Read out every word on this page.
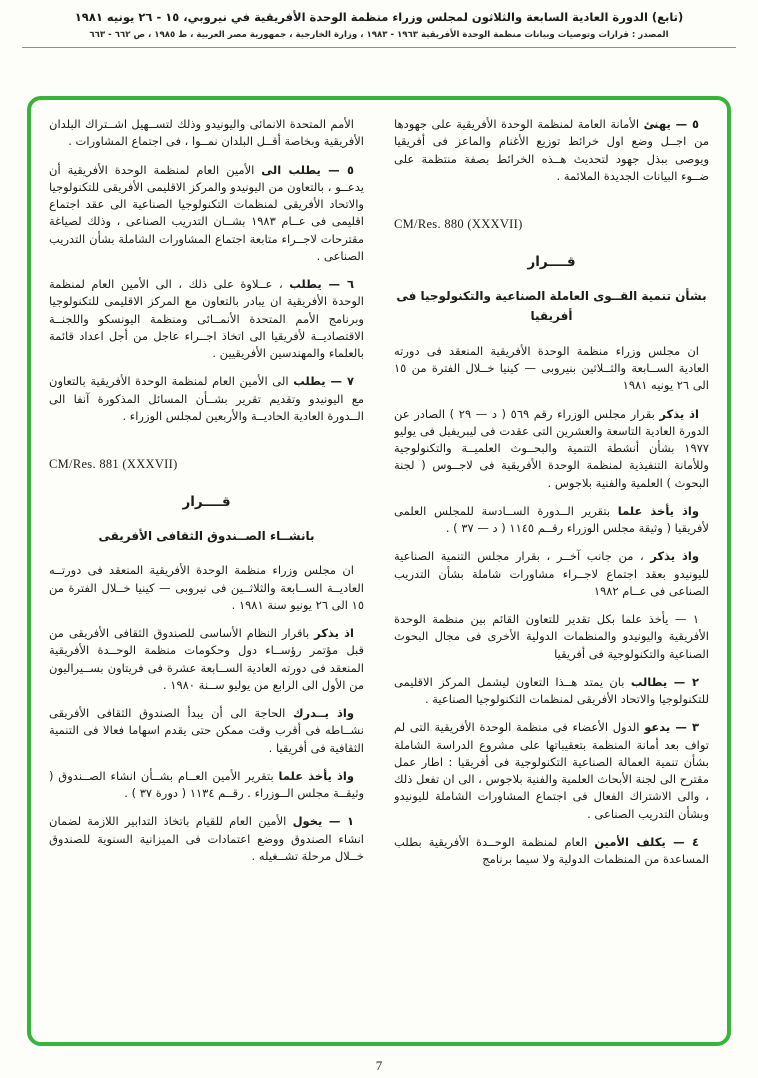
(تابع) الدورة العادية السابعة والثلاثون لمجلس وزراء منظمة الوحدة الأفريقية في نيروبي، ١٥ - ٢٦ يونيه ١٩٨١
المصدر : قرارات وتوصيات وبيانات منظمة الوحدة الأفريقية ١٩٦٣ - ١٩٨٣ ، وزارة الخارجية ، جمهورية مصر العربية ، ط ١٩٨٥ ، ص ٦٦٢ - ٦٦٣
٥ — يهنئ الأمانة العامة لمنظمة الوحدة الأفريقية على جهودها من اجــل وضع اول خرائط توزيع الأغنام والماعز فى أفريقيا ويوصى ببذل جهود لتحديث هــذه الخرائط بصفة منتظمة على ضــوء البيانات الجديدة الملائمة .
CM/Res. 880 (XXXVII)
قــــرار
بشأن تنمية القــوى العاملة الصناعية والتكنولوجيا فى أفريقيا
ان مجلس وزراء منظمة الوحدة الأفريقية المنعقد فى دورته العادية الســابعة والثــلاثين بنيروبى — كينيا خــلال الفترة من ١٥ الى ٢٦ يونيه ١٩٨١
اذ يذكر بقرار مجلس الوزراء رقم ٥٦٩ ( د — ٢٩ ) الصادر عن الدورة العادية التاسعة والعشرين التى عقدت فى ليبريفيل فى يوليو ١٩٧٧ بشأن أنشطة التنمية والبحــوث العلميــة والتكنولوجية وللأمانة التنفيذية لمنظمة الوحدة الأفريقية فى لاجــوس ( لجنة البحوث ) العلمية والفنية بلاجوس .
واذ يأخذ علما بتقرير الــدورة الســادسة للمجلس العلمى لأفريقيا ( وثيقة مجلس الوزراء رقــم ١١٤٥ ( د — ٣٧ ) .
واذ يذكر ، من جانب آخــر ، بقرار مجلس التنمية الصناعية لليونيدو بعقد اجتماع لاجــراء مشاورات شاملة بشأن التدريب الصناعى فى عــام ١٩٨٢
١ — يأخذ علما بكل تقدير للتعاون القائم بين منظمة الوحدة الأفريقية واليونيدو والمنظمات الدولية الأخرى فى مجال البحوث الصناعية والتكنولوجية فى أفريقيا
٢ — يطالب بان يمتد هــذا التعاون ليشمل المركز الاقليمى للتكنولوجيا والاتحاد الأفريقى لمنظمات التكنولوجيا الصناعية .
٣ — يدعو الدول الأعضاء فى منظمة الوحدة الأفريقية التى لم تواف بعد أمانة المنظمة بتعقيباتها على مشروع الدراسة الشاملة بشأن تنمية العمالة الصناعية التكنولوجية فى أفريقيا : اطار عمل مقترح الى لجنة الأبحاث العلمية والفنية بلاجوس ، الى ان تفعل ذلك ، والى الاشتراك الفعال فى اجتماع المشاورات الشاملة لليونيدو وبشأن التدريب الصناعى .
٤ — يكلف الأمين العام لمنظمة الوحــدة الأفريقية بطلب المساعدة من المنظمات الدولية ولا سيما برنامج
الأمم المتحدة الانمائى واليونيدو وذلك لتســهيل اشــتراك البلدان الأفريقية وبخاصة أقــل البلدان نمــوا ، فى اجتماع المشاورات .
٥ — يطلب الى الأمين العام لمنظمة الوحدة الأفريقية أن يدعــو ، بالتعاون من اليونيدو والمركز الاقليمى الأفريقى للتكنولوجيا والاتحاد الأفريقى لمنظمات التكنولوجيا الصناعية الى عقد اجتماع اقليمى فى عــام ١٩٨٣ بشــان التدريب الصناعى ، وذلك لصياغة مقترحات لاجــراء متابعة اجتماع المشاورات الشاملة بشأن التدريب الصناعى .
٦ — يطلب ، عــلاوة على ذلك ، الى الأمين العام لمنظمة الوحدة الأفريقية ان يبادر بالتعاون مع المركز الاقليمى للتكنولوجيا وبرنامج الأمم المتحدة الأنمــائى ومنظمة اليونسكو واللجنــة الاقتصاديــة لأفريقيا الى اتخاذ اجــراء عاجل من أجل اعداد قائمة بالعلماء والمهندسين الأفريقيين .
٧ — يطلب الى الأمين العام لمنظمة الوحدة الأفريقية بالتعاون مع اليونيدو وتقديم تقرير بشــأن المسائل المذكورة آنفا الى الــدورة العادية الحاديــة والأربعين لمجلس الوزراء .
CM/Res. 881 (XXXVII)
قــــرار
بانشــاء الصــندوق الثقافى الأفريقى
ان مجلس وزراء منظمة الوحدة الأفريقية المنعقد فى دورتــه العاديــة الســابعة والثلاثــين فى نيروبى — كينيا خــلال الفترة من ١٥ الى ٢٦ يونيو سنة ١٩٨١ .
اذ يذكر باقرار النظام الأساسى للصندوق الثقافى الأفريقى من قبل مؤتمر رؤســاء دول وحكومات منظمة الوحــدة الأفريقية المنعقد فى دورته العادية الســابعة عشرة فى فريتاون بســيراليون من الأول الى الرابع من يوليو ســنة ١٩٨٠ .
واذ يــدرك الحاجة الى أن يبدأ الصندوق الثقافى الأفريقى نشــاطه فى أقرب وقت ممكن حتى يقدم اسهاما فعالا فى التنمية الثقافية فى أفريقيا .
واذ يأخذ علما بتقرير الأمين العــام بشــأن انشاء الصــندوق ( وثيقــة مجلس الــوزراء . رقــم ١١٣٤ ( دورة ٣٧ ) .
١ — يخول الأمين العام للقيام باتخاذ التدابير اللازمة لضمان انشاء الصندوق ووضع اعتمادات فى الميزانية السنوية للصندوق خــلال مرحلة تشــغيله .
7
